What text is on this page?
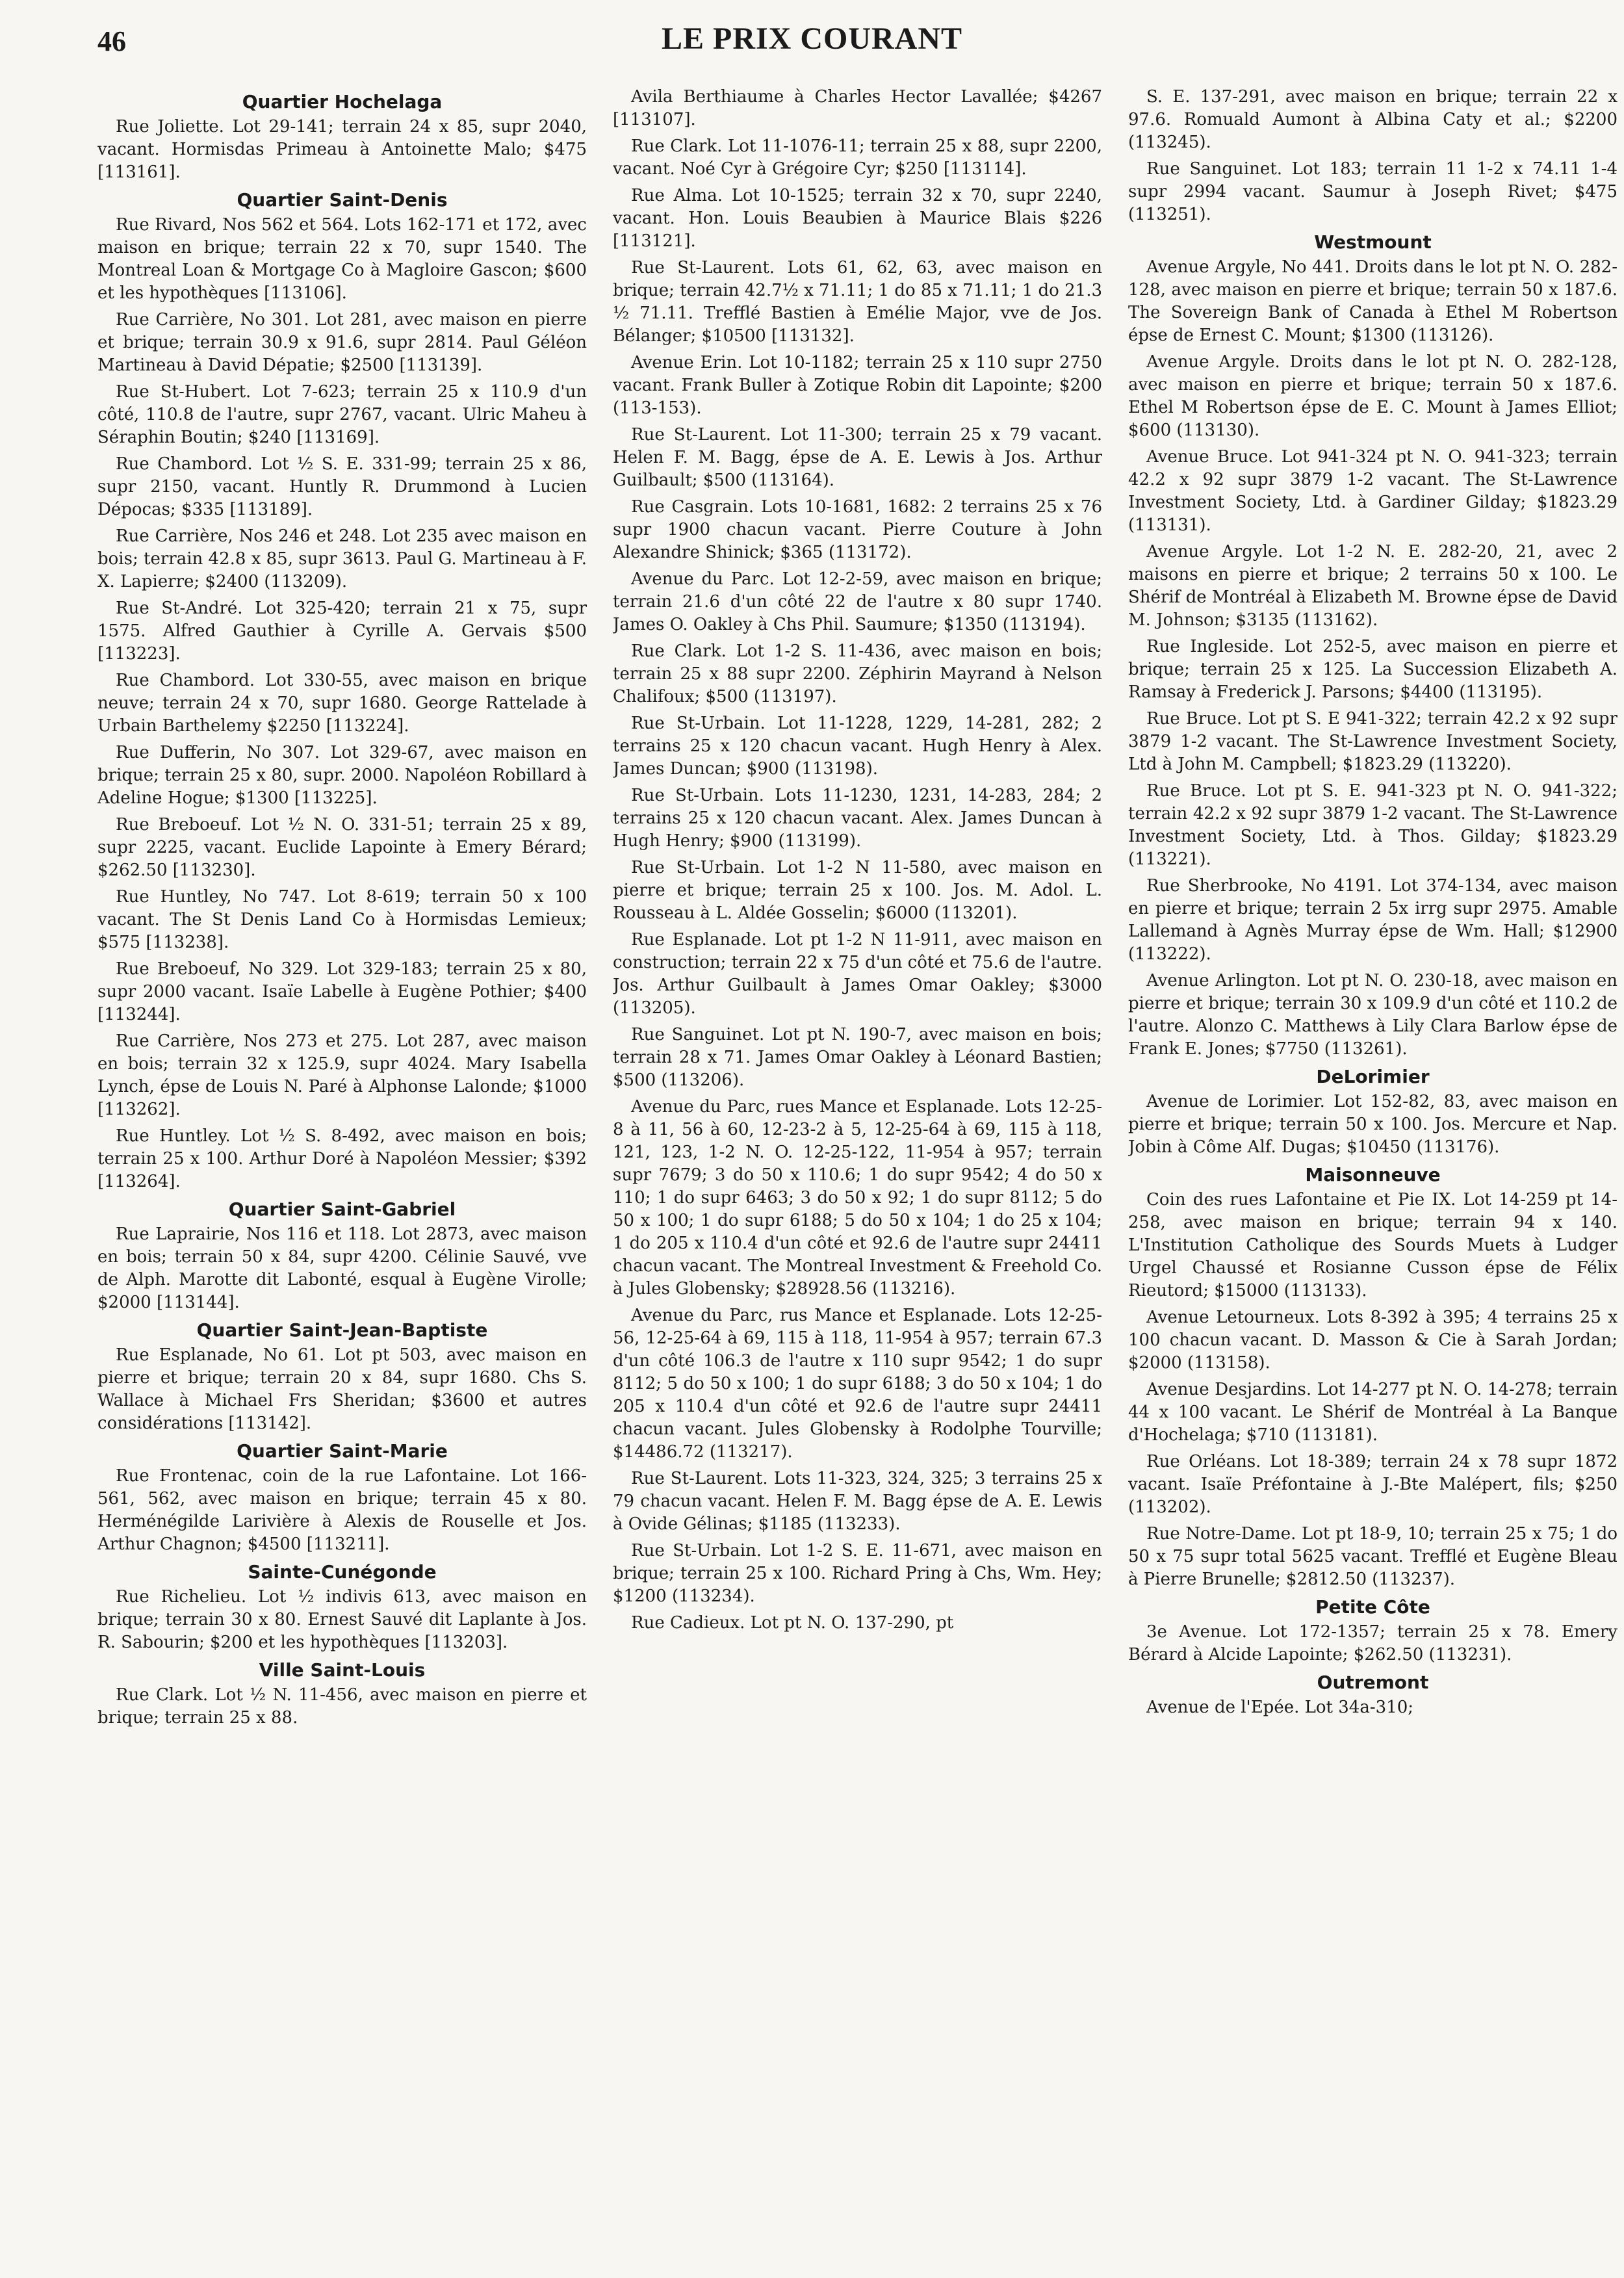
46	LE PRIX COURANT
Quartier Hochelaga

Rue Joliette. Lot 29-141; terrain 24 x 85, supr 2040, vacant. Hormisdas Primeau à Antoinette Malo; $475 [113161].

Quartier Saint-Denis

Rue Rivard, Nos 562 et 564. Lots 162-171 et 172, avec maison en brique; terrain 22 x 70, supr 1540. The Montreal Loan & Mortgage Co à Magloire Gascon; $600 et les hypothèques [113106].

Rue Carrière, No 301. Lot 281, avec maison en pierre et brique; terrain 30.9 x 91.6, supr 2814. Paul Géléon Martineau à David Dépatie; $2500 [113139].

Rue St-Hubert. Lot 7-623; terrain 25 x 110.9 d'un côté, 110.8 de l'autre, supr 2767, vacant. Ulric Maheu à Séraphin Boutin; $240 [113169].

Rue Chambord. Lot ½ S. E. 331-99; terrain 25 x 86, supr 2150, vacant. Huntly R. Drummond à Lucien Dépocas; $335 [113189].

Rue Carrière, Nos 246 et 248. Lot 235 avec maison en bois; terrain 42.8 x 85, supr 3613. Paul G. Martineau à F. X. Lapierre; $2400 (113209).

Rue St-André. Lot 325-420; terrain 21 x 75, supr 1575. Alfred Gauthier à Cyrille A. Gervais $500 [113223].

Rue Chambord. Lot 330-55, avec maison en brique neuve; terrain 24 x 70, supr 1680. George Rattelade à Urbain Barthelemy $2250 [113224].

Rue Dufferin, No 307. Lot 329-67, avec maison en brique; terrain 25 x 80, supr. 2000. Napoléon Robillard à Adeline Hogue; $1300 [113225].

Rue Breboeuf. Lot ½ N. O. 331-51; terrain 25 x 89, supr 2225, vacant. Euclide Lapointe à Emery Bérard; $262.50 [113230].

Rue Huntley, No 747. Lot 8-619; terrain 50 x 100 vacant. The St Denis Land Co à Hormisdas Lemieux; $575 [113238].

Rue Breboeuf, No 329. Lot 329-183; terrain 25 x 80, supr 2000 vacant. Isaïe Labelle à Eugène Pothier; $400 [113244].

Rue Carrière, Nos 273 et 275. Lot 287, avec maison en bois; terrain 32 x 125.9, supr 4024. Mary Isabella Lynch, épse de Louis N. Paré à Alphonse Lalonde; $1000 [113262].

Rue Huntley. Lot ½ S. 8-492, avec maison en bois; terrain 25 x 100. Arthur Doré à Napoléon Messier; $392 [113264].

Quartier Saint-Gabriel

Rue Laprairie, Nos 116 et 118. Lot 2873, avec maison en bois; terrain 50 x 84, supr 4200. Célinie Sauvé, vve de Alph. Marotte dit Labonté, esqual à Eugène Virolle; $2000 [113144].

Quartier Saint-Jean-Baptiste

Rue Esplanade, No 61. Lot pt 503, avec maison en pierre et brique; terrain 20 x 84, supr 1680. Chs S. Wallace à Michael Frs Sheridan; $3600 et autres considérations [113142].

Quartier Saint-Marie

Rue Frontenac, coin de la rue Lafontaine. Lot 166-561, 562, avec maison en brique; terrain 45 x 80. Herménégilde Larivière à Alexis de Rouselle et Jos. Arthur Chagnon; $4500 [113211].

Sainte-Cunégonde

Rue Richelieu. Lot ½ indivis 613, avec maison en brique; terrain 30 x 80. Ernest Sauvé dit Laplante à Jos. R. Sabourin; $200 et les hypothèques [113203].

Ville Saint-Louis

Rue Clark. Lot ½ N. 11-456, avec maison en pierre et brique; terrain 25 x 88.

Avila Berthiaume à Charles Hector Lavallée; $4267 [113107].

Rue Clark. Lot 11-1076-11; terrain 25 x 88, supr 2200, vacant. Noé Cyr à Grégoire Cyr; $250 [113114].

Rue Alma. Lot 10-1525; terrain 32 x 70, supr 2240, vacant. Hon. Louis Beaubien à Maurice Blais $226 [113121].

Rue St-Laurent. Lots 61, 62, 63, avec maison en brique; terrain 42.7½ x 71.11; 1 do 85 x 71.11; 1 do 21.3 ½ 71.11. Trefflé Bastien à Emélie Major, vve de Jos. Bélanger; $10500 [113132].

Avenue Erin. Lot 10-1182; terrain 25 x 110 supr 2750 vacant. Frank Buller à Zotique Robin dit Lapointe; $200 (113-153).

Rue St-Laurent. Lot 11-300; terrain 25 x 79 vacant. Helen F. M. Bagg, épse de A. E. Lewis à Jos. Arthur Guilbault; $500 (113164).

Rue Casgrain. Lots 10-1681, 1682: 2 terrains 25 x 76 supr 1900 chacun vacant. Pierre Couture à John Alexandre Shinick; $365 (113172).

Avenue du Parc. Lot 12-2-59, avec maison en brique; terrain 21.6 d'un côté 22 de l'autre x 80 supr 1740. James O. Oakley à Chs Phil. Saumure; $1350 (113194).

Rue Clark. Lot 1-2 S. 11-436, avec maison en bois; terrain 25 x 88 supr 2200. Zéphirin Mayrand à Nelson Chalifoux; $500 (113197).

Rue St-Urbain. Lot 11-1228, 1229, 14-281, 282; 2 terrains 25 x 120 chacun vacant. Hugh Henry à Alex. James Duncan; $900 (113198).

Rue St-Urbain. Lots 11-1230, 1231, 14-283, 284; 2 terrains 25 x 120 chacun vacant. Alex. James Duncan à Hugh Henry; $900 (113199).

Rue St-Urbain. Lot 1-2 N 11-580, avec maison en pierre et brique; terrain 25 x 100. Jos. M. Adol. L. Rousseau à L. Aldée Gosselin; $6000 (113201).

Rue Esplanade. Lot pt 1-2 N 11-911, avec maison en construction; terrain 22 x 75 d'un côté et 75.6 de l'autre. Jos. Arthur Guilbault à James Omar Oakley; $3000 (113205).

Rue Sanguinet. Lot pt N. 190-7, avec maison en bois; terrain 28 x 71. James Omar Oakley à Léonard Bastien; $500 (113206).

Avenue du Parc, rues Mance et Esplanade. Lots 12-25-8 à 11, 56 à 60, 12-23-2 à 5, 12-25-64 à 69, 115 à 118, 121, 123, 1-2 N. O. 12-25-122, 11-954 à 957; terrain supr 7679; 3 do 50 x 110.6; 1 do supr 9542; 4 do 50 x 110; 1 do supr 6463; 3 do 50 x 92; 1 do supr 8112; 5 do 50 x 100; 1 do supr 6188; 5 do 50 x 104; 1 do 25 x 104; 1 do 205 x 110.4 d'un côté et 92.6 de l'autre supr 24411 chacun vacant. The Montreal Investment & Freehold Co. à Jules Globensky; $28928.56 (113216).

Avenue du Parc, rus Mance et Esplanade. Lots 12-25-56, 12-25-64 à 69, 115 à 118, 11-954 à 957; terrain 67.3 d'un côté 106.3 de l'autre x 110 supr 9542; 1 do supr 8112; 5 do 50 x 100; 1 do supr 6188; 3 do 50 x 104; 1 do 205 x 110.4 d'un côté et 92.6 de l'autre supr 24411 chacun vacant. Jules Globensky à Rodolphe Tourville; $14486.72 (113217).

Rue St-Laurent. Lots 11-323, 324, 325; 3 terrains 25 x 79 chacun vacant. Helen F. M. Bagg épse de A. E. Lewis à Ovide Gélinas; $1185 (113233).

Rue St-Urbain. Lot 1-2 S. E. 11-671, avec maison en brique; terrain 25 x 100. Richard Pring à Chs, Wm. Hey; $1200 (113234).

Rue Cadieux. Lot pt N. O. 137-290, pt

S. E. 137-291, avec maison en brique; terrain 22 x 97.6. Romuald Aumont à Albina Caty et al.; $2200 (113245).

Rue Sanguinet. Lot 183; terrain 11 1-2 x 74.11 1-4 supr 2994 vacant. Saumur à Joseph Rivet; $475 (113251).

Westmount

Avenue Argyle, No 441. Droits dans le lot pt N. O. 282-128, avec maison en pierre et brique; terrain 50 x 187.6. The Sovereign Bank of Canada à Ethel M Robertson épse de Ernest C. Mount; $1300 (113126).

Avenue Argyle. Droits dans le lot pt N. O. 282-128, avec maison en pierre et brique; terrain 50 x 187.6. Ethel M Robertson épse de E. C. Mount à James Elliot; $600 (113130).

Avenue Bruce. Lot 941-324 pt N. O. 941-323; terrain 42.2 x 92 supr 3879 1-2 vacant. The St-Lawrence Investment Society, Ltd. à Gardiner Gilday; $1823.29 (113131).

Avenue Argyle. Lot 1-2 N. E. 282-20, 21, avec 2 maisons en pierre et brique; 2 terrains 50 x 100. Le Shérif de Montréal à Elizabeth M. Browne épse de David M. Johnson; $3135 (113162).

Rue Ingleside. Lot 252-5, avec maison en pierre et brique; terrain 25 x 125. La Succession Elizabeth A. Ramsay à Frederick J. Parsons; $4400 (113195).

Rue Bruce. Lot pt S. E 941-322; terrain 42.2 x 92 supr 3879 1-2 vacant. The St-Lawrence Investment Society, Ltd à John M. Campbell; $1823.29 (113220).

Rue Bruce. Lot pt S. E. 941-323 pt N. O. 941-322; terrain 42.2 x 92 supr 3879 1-2 vacant. The St-Lawrence Investment Society, Ltd. à Thos. Gilday; $1823.29 (113221).

Rue Sherbrooke, No 4191. Lot 374-134, avec maison en pierre et brique; terrain 2 5x irrg supr 2975. Amable Lallemand à Agnès Murray épse de Wm. Hall; $12900 (113222).

Avenue Arlington. Lot pt N. O. 230-18, avec maison en pierre et brique; terrain 30 x 109.9 d'un côté et 110.2 de l'autre. Alonzo C. Matthews à Lily Clara Barlow épse de Frank E. Jones; $7750 (113261).

DeLorimier

Avenue de Lorimier. Lot 152-82, 83, avec maison en pierre et brique; terrain 50 x 100. Jos. Mercure et Nap. Jobin à Côme Alf. Dugas; $10450 (113176).

Maisonneuve

Coin des rues Lafontaine et Pie IX. Lot 14-259 pt 14-258, avec maison en brique; terrain 94 x 140. L'Institution Catholique des Sourds Muets à Ludger Urgel Chaussé et Rosianne Cusson épse de Félix Rieutord; $15000 (113133).

Avenue Letourneux. Lots 8-392 à 395; 4 terrains 25 x 100 chacun vacant. D. Masson & Cie à Sarah Jordan; $2000 (113158).

Avenue Desjardins. Lot 14-277 pt N. O. 14-278; terrain 44 x 100 vacant. Le Shérif de Montréal à La Banque d'Hochelaga; $710 (113181).

Rue Orléans. Lot 18-389; terrain 24 x 78 supr 1872 vacant. Isaïe Préfontaine à J.-Bte Malépert, fils; $250 (113202).

Rue Notre-Dame. Lot pt 18-9, 10; terrain 25 x 75; 1 do 50 x 75 supr total 5625 vacant. Trefflé et Eugène Bleau à Pierre Brunelle; $2812.50 (113237).

Petite Côte

3e Avenue. Lot 172-1357; terrain 25 x 78. Emery Bérard à Alcide Lapointe; $262.50 (113231).

Outremont

Avenue de l'Epée. Lot 34a-310;
